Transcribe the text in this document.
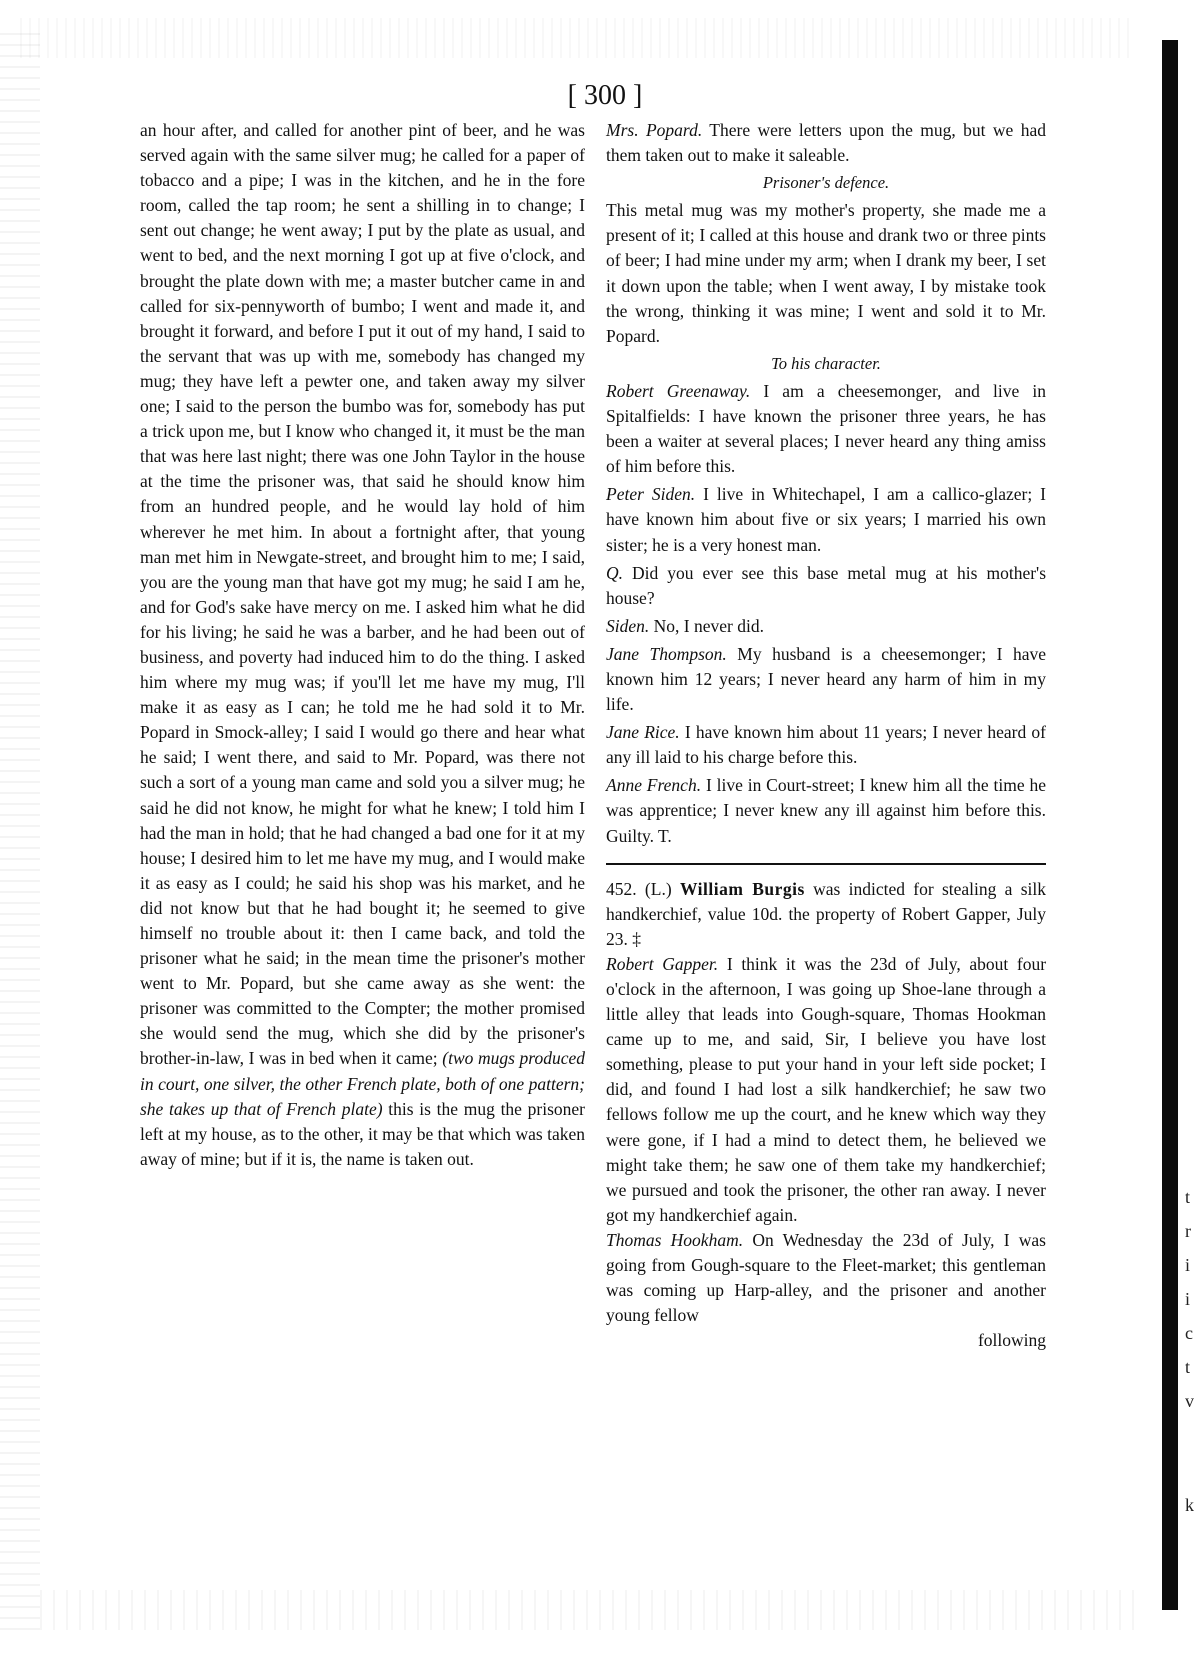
t
r
i
i
c
t
v
k
[ 300 ]

an hour after, and called for another pint of beer, and he was served again with the same silver mug; he called for a paper of tobacco and a pipe; I was in the kitchen, and he in the fore room, called the tap room; he sent a shilling in to change; I sent out change; he went away; I put by the plate as usual, and went to bed, and the next morning I got up at five o'clock, and brought the plate down with me; a master butcher came in and called for six-pennyworth of bumbo; I went and made it, and brought it forward, and before I put it out of my hand, I said to the servant that was up with me, somebody has changed my mug; they have left a pewter one, and taken away my silver one; I said to the person the bumbo was for, somebody has put a trick upon me, but I know who changed it, it must be the man that was here last night; there was one John Taylor in the house at the time the prisoner was, that said he should know him from an hundred people, and he would lay hold of him wherever he met him. In about a fortnight after, that young man met him in Newgate-street, and brought him to me; I said, you are the young man that have got my mug; he said I am he, and for God's sake have mercy on me. I asked him what he did for his living; he said he was a barber, and he had been out of business, and poverty had induced him to do the thing. I asked him where my mug was; if you'll let me have my mug, I'll make it as easy as I can; he told me he had sold it to Mr. Popard in Smock-alley; I said I would go there and hear what he said; I went there, and said to Mr. Popard, was there not such a sort of a young man came and sold you a silver mug; he said he did not know, he might for what he knew; I told him I had the man in hold; that he had changed a bad one for it at my house; I desired him to let me have my mug, and I would make it as easy as I could; he said his shop was his market, and he did not know but that he had bought it; he seemed to give himself no trouble about it: then I came back, and told the prisoner what he said; in the mean time the prisoner's mother went to Mr. Popard, but she came away as she went: the prisoner was committed to the Compter; the mother promised she would send the mug, which she did by the prisoner's brother-in-law, I was in bed when it came; (two mugs produced in court, one silver, the other French plate, both of one pattern; she takes up that of French plate) this is the mug the prisoner left at my house, as to the other, it may be that which was taken away of mine; but if it is, the name is taken out.

Mrs. Popard. There were letters upon the mug, but we had them taken out to make it saleable.

Prisoner's defence.

This metal mug was my mother's property, she made me a present of it; I called at this house and drank two or three pints of beer; I had mine under my arm; when I drank my beer, I set it down upon the table; when I went away, I by mistake took the wrong, thinking it was mine; I went and sold it to Mr. Popard.

To his character.

Robert Greenaway. I am a cheesemonger, and live in Spitalfields: I have known the prisoner three years, he has been a waiter at several places; I never heard any thing amiss of him before this.

Peter Siden. I live in Whitechapel, I am a callico-glazer; I have known him about five or six years; I married his own sister; he is a very honest man.

Q. Did you ever see this base metal mug at his mother's house?

Siden. No, I never did.

Jane Thompson. My husband is a cheesemonger; I have known him 12 years; I never heard any harm of him in my life.

Jane Rice. I have known him about 11 years; I never heard of any ill laid to his charge before this.

Anne French. I live in Court-street; I knew him all the time he was apprentice; I never knew any ill against him before this. Guilty. T.

452. (L.) William Burgis was indicted for stealing a silk handkerchief, value 10d. the property of Robert Gapper, July 23. ‡

Robert Gapper. I think it was the 23d of July, about four o'clock in the afternoon, I was going up Shoe-lane through a little alley that leads into Gough-square, Thomas Hookman came up to me, and said, Sir, I believe you have lost something, please to put your hand in your left side pocket; I did, and found I had lost a silk handkerchief; he saw two fellows follow me up the court, and he knew which way they were gone, if I had a mind to detect them, he believed we might take them; he saw one of them take my handkerchief; we pursued and took the prisoner, the other ran away. I never got my handkerchief again.

Thomas Hookham. On Wednesday the 23d of July, I was going from Gough-square to the Fleet-market; this gentleman was coming up Harp-alley, and the prisoner and another young fellow

following
